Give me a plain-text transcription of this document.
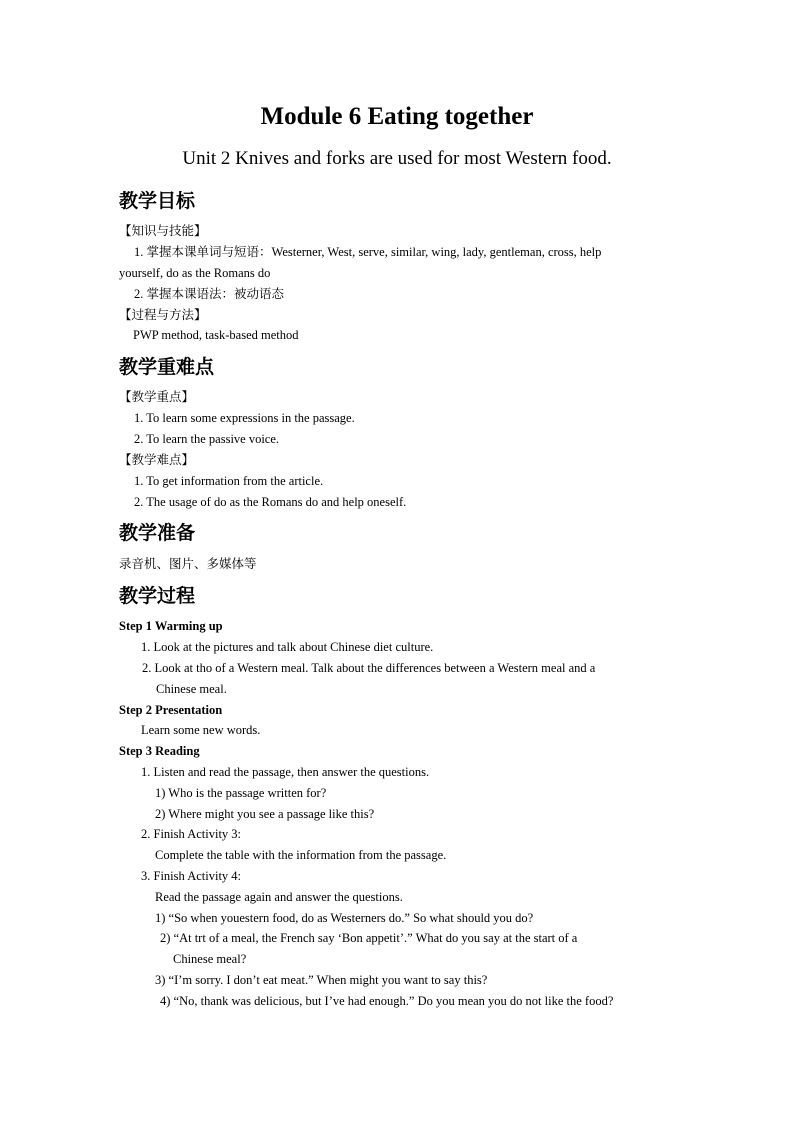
Module 6 Eating together
Unit 2 Knives and forks are used for most Western food.
教学目标
【知识与技能】
1. 掌握本课单词与短语：Westerner, West, serve, similar, wing, lady, gentleman, cross, help
yourself, do as the Romans do
2. 掌握本课语法：被动语态
【过程与方法】
PWP method, task-based method
教学重难点
【教学重点】
1. To learn some expressions in the passage.
2. To learn the passive voice.
【教学难点】
1. To get information from the article.
2. The usage of do as the Romans do and help oneself.
教学准备
录音机、图片、多媒体等
教学过程
Step 1 Warming up
1. Look at the pictures and talk about Chinese diet culture.
2. Look at tho of a Western meal. Talk about the differences between a Western meal and a
Chinese meal.
Step 2 Presentation
Learn some new words.
Step 3 Reading
1. Listen and read the passage, then answer the questions.
1) Who is the passage written for?
2) Where might you see a passage like this?
2. Finish Activity 3:
Complete the table with the information from the passage.
3. Finish Activity 4:
Read the passage again and answer the questions.
1) “So when youestern food, do as Westerners do.” So what should you do?
2) “At trt of a meal, the French say ‘Bon appetit’.” What do you say at the start of a
Chinese meal?
3) “I’m sorry. I don’t eat meat.” When might you want to say this?
4) “No, thank was delicious, but I’ve had enough.” Do you mean you do not like the food?
